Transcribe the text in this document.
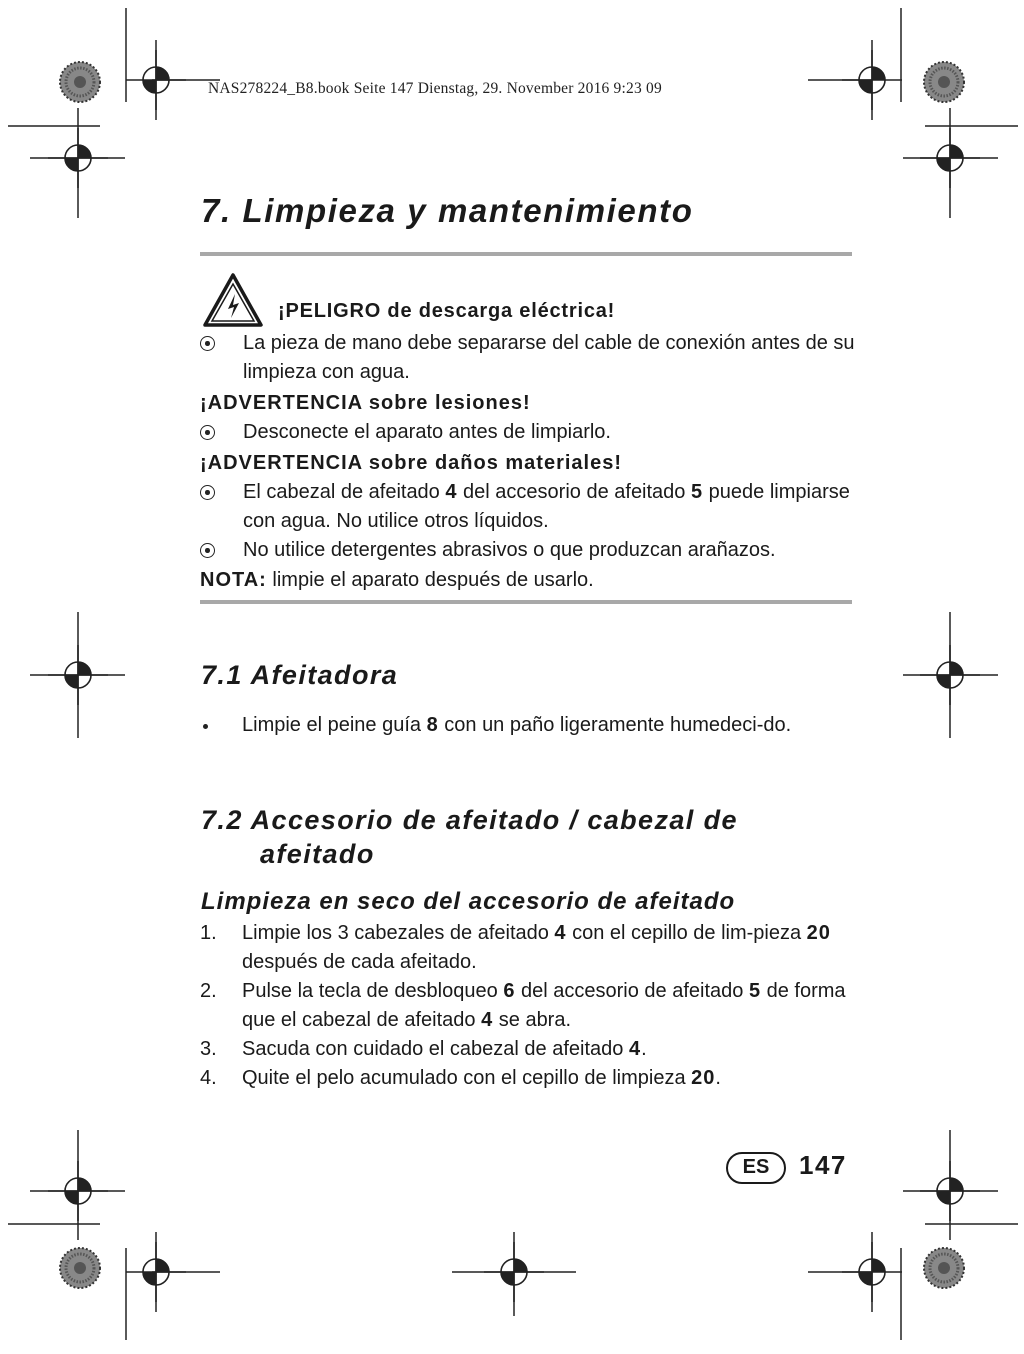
NAS278224_B8.book Seite 147 Dienstag, 29. November 2016 9:23 09
7. Limpieza y mantenimiento
¡PELIGRO de descarga eléctrica!
La pieza de mano debe separarse del cable de conexión antes de su limpieza con agua.
¡ADVERTENCIA sobre lesiones!
Desconecte el aparato antes de limpiarlo.
¡ADVERTENCIA sobre daños materiales!
El cabezal de afeitado 4 del accesorio de afeitado 5 puede limpiarse con agua. No utilice otros líquidos.
No utilice detergentes abrasivos o que produzcan arañazos.
NOTA: limpie el aparato después de usarlo.
7.1 Afeitadora
Limpie el peine guía 8 con un paño ligeramente humedeci-do.
7.2 Accesorio de afeitado / cabezal de
afeitado
Limpieza en seco del accesorio de afeitado
1. Limpie los 3 cabezales de afeitado 4 con el cepillo de lim-pieza 20 después de cada afeitado.
2. Pulse la tecla de desbloqueo 6 del accesorio de afeitado 5 de forma que el cabezal de afeitado 4 se abra.
3. Sacuda con cuidado el cabezal de afeitado 4.
4. Quite el pelo acumulado con el cepillo de limpieza 20.
ES	147
